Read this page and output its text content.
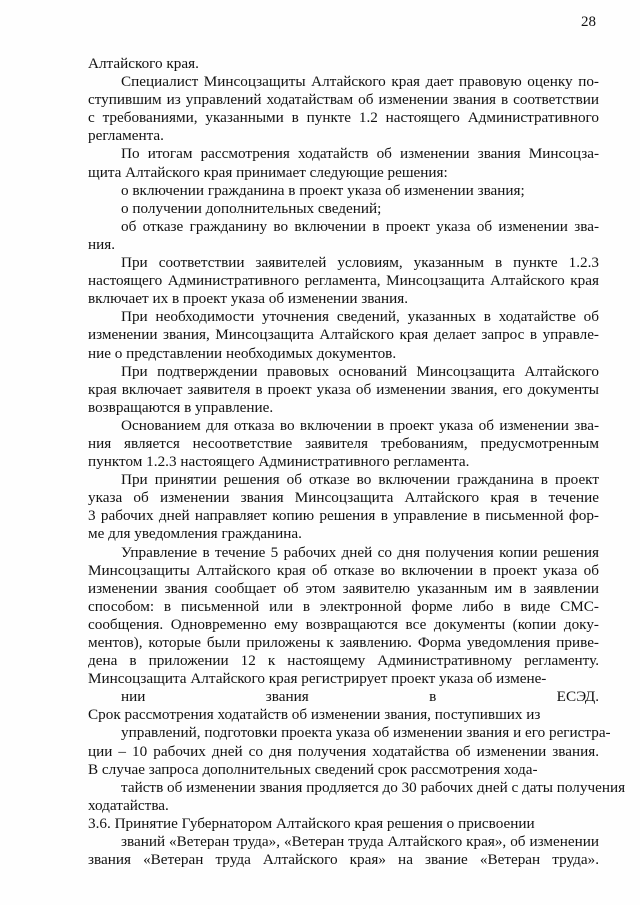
28
Алтайского края.
Специалист Минсоцзащиты Алтайского края дает правовую оценку по-
ступившим из управлений ходатайствам об изменении звания в соответствии
с требованиями, указанными в пункте 1.2 настоящего Административного
регламента.
По итогам рассмотрения ходатайств об изменении звания Минсоцза-
щита Алтайского края принимает следующие решения:
о включении гражданина в проект указа об изменении звания;
о получении дополнительных сведений;
об отказе гражданину во включении в проект указа об изменении зва-
ния.
При соответствии заявителей условиям, указанным в пункте 1.2.3
настоящего Административного регламента, Минсоцзащита Алтайского края
включает их в проект указа об изменении звания.
При необходимости уточнения сведений, указанных в ходатайстве об
изменении звания, Минсоцзащита Алтайского края делает запрос в управле-
ние о представлении необходимых документов.
При подтверждении правовых оснований Минсоцзащита Алтайского
края включает заявителя в проект указа об изменении звания, его документы
возвращаются в управление.
Основанием для отказа во включении в проект указа об изменении зва-
ния является несоответствие заявителя требованиям, предусмотренным
пунктом 1.2.3 настоящего Административного регламента.
При принятии решения об отказе во включении гражданина в проект
указа об изменении звания Минсоцзащита Алтайского края в течение
3 рабочих дней направляет копию решения в управление в письменной фор-
ме для уведомления гражданина.
Управление в течение 5 рабочих дней со дня получения копии решения
Минсоцзащиты Алтайского края об отказе во включении в проект указа об
изменении звания сообщает об этом заявителю указанным им в заявлении
способом: в письменной или в электронной форме либо в виде СМС-
сообщения. Одновременно ему возвращаются все документы (копии доку-
ментов), которые были приложены к заявлению. Форма уведомления приве-
дена в приложении 12 к настоящему Административному регламенту.
Минсоцзащита Алтайского края регистрирует проект указа об измене-
нии звания в ЕСЭД.
Срок рассмотрения ходатайств об изменении звания, поступивших из
управлений, подготовки проекта указа об изменении звания и его регистра-
ции – 10 рабочих дней со дня получения ходатайства об изменении звания.
В случае запроса дополнительных сведений срок рассмотрения хода-
тайств об изменении звания продляется до 30 рабочих дней с даты получения
ходатайства.
3.6. Принятие Губернатором Алтайского края решения о присвоении
званий «Ветеран труда», «Ветеран труда Алтайского края», об изменении
звания «Ветеран труда Алтайского края» на звание «Ветеран труда».
